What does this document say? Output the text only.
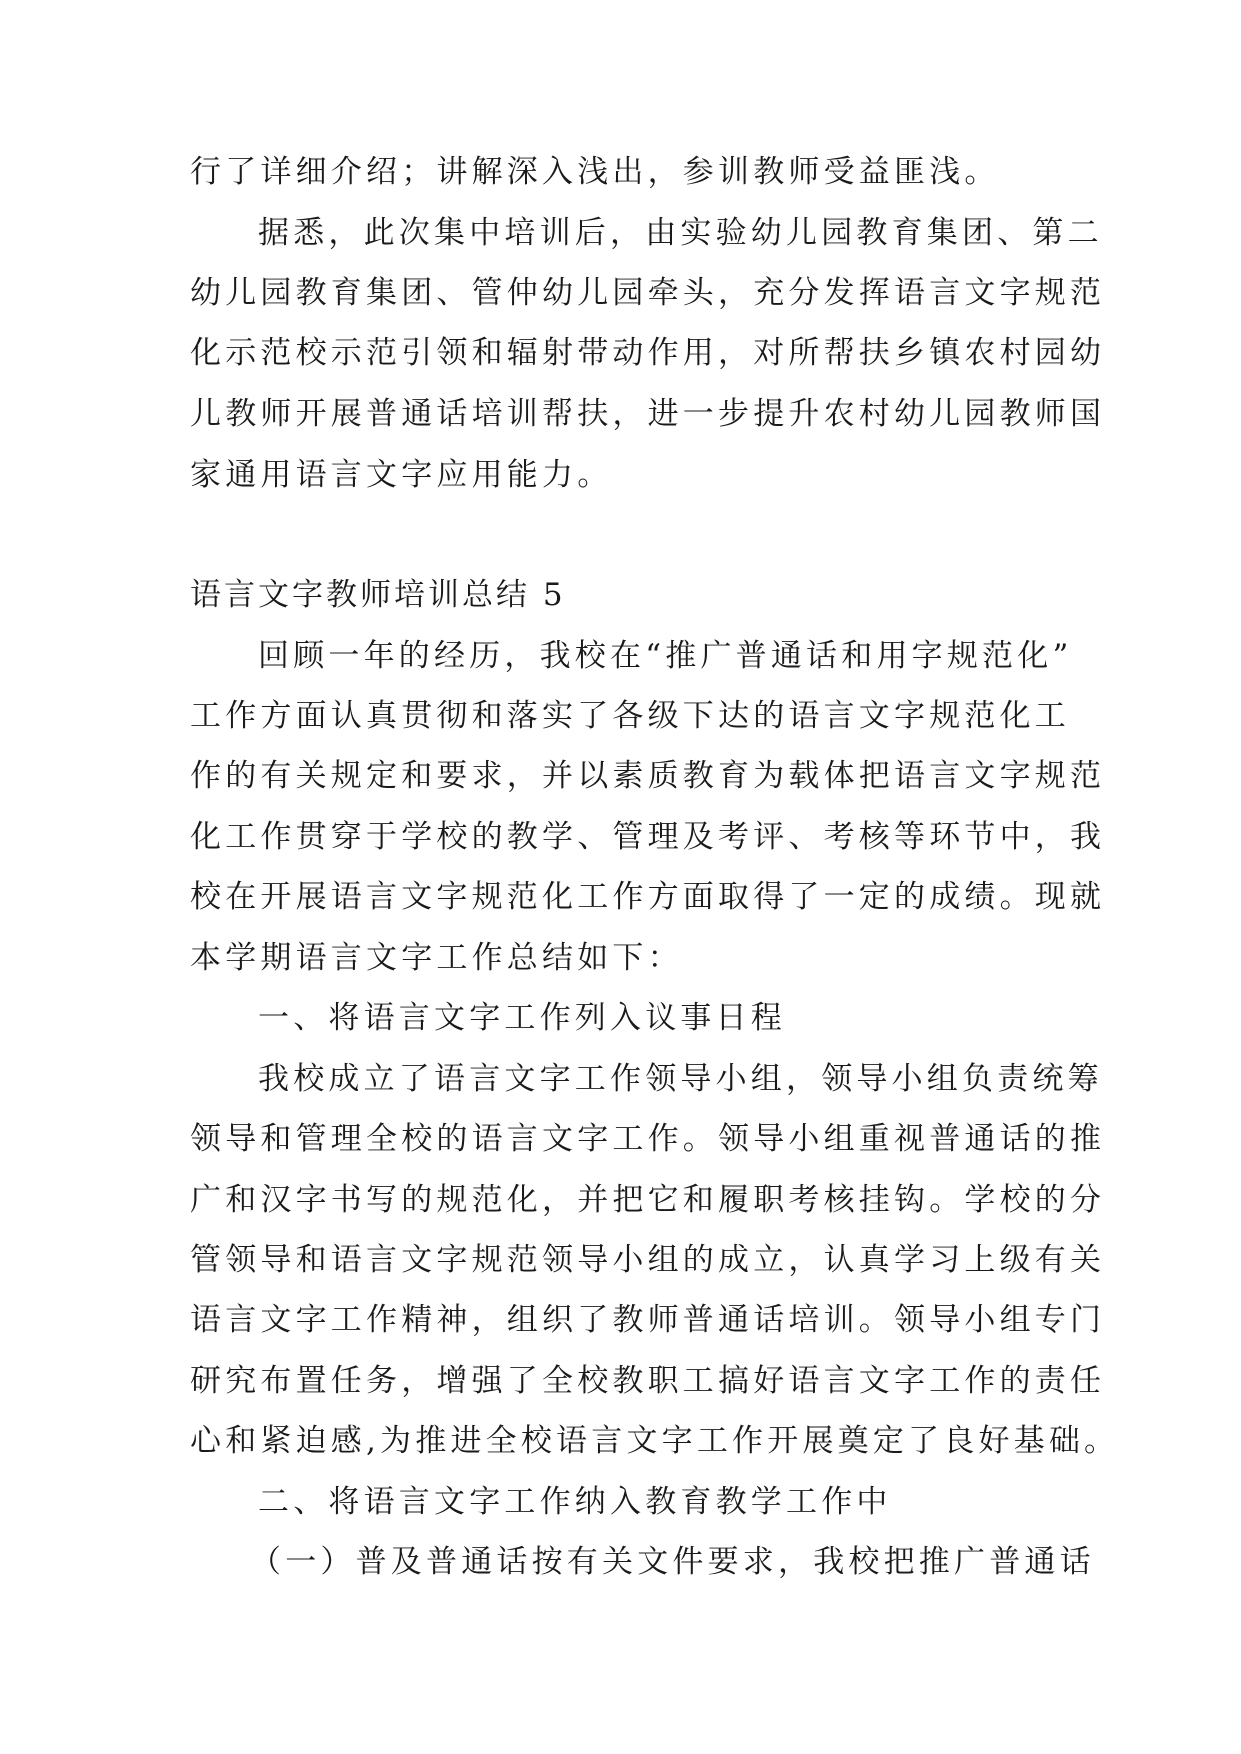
行了详细介绍；讲解深入浅出，参训教师受益匪浅。
据悉，此次集中培训后，由实验幼儿园教育集团、第二
幼儿园教育集团、管仲幼儿园牵头，充分发挥语言文字规范
化示范校示范引领和辐射带动作用，对所帮扶乡镇农村园幼
儿教师开展普通话培训帮扶，进一步提升农村幼儿园教师国
家通用语言文字应用能力。
语言文字教师培训总结 5
回顾一年的经历，我校在“推广普通话和用字规范化”
工作方面认真贯彻和落实了各级下达的语言文字规范化工
作的有关规定和要求，并以素质教育为载体把语言文字规范
化工作贯穿于学校的教学、管理及考评、考核等环节中，我
校在开展语言文字规范化工作方面取得了一定的成绩。现就
本学期语言文字工作总结如下：
一、将语言文字工作列入议事日程
我校成立了语言文字工作领导小组，领导小组负责统筹
领导和管理全校的语言文字工作。领导小组重视普通话的推
广和汉字书写的规范化，并把它和履职考核挂钩。学校的分
管领导和语言文字规范领导小组的成立，认真学习上级有关
语言文字工作精神，组织了教师普通话培训。领导小组专门
研究布置任务，增强了全校教职工搞好语言文字工作的责任
心和紧迫感,为推进全校语言文字工作开展奠定了良好基础。
二、将语言文字工作纳入教育教学工作中
（一）普及普通话按有关文件要求，我校把推广普通话
